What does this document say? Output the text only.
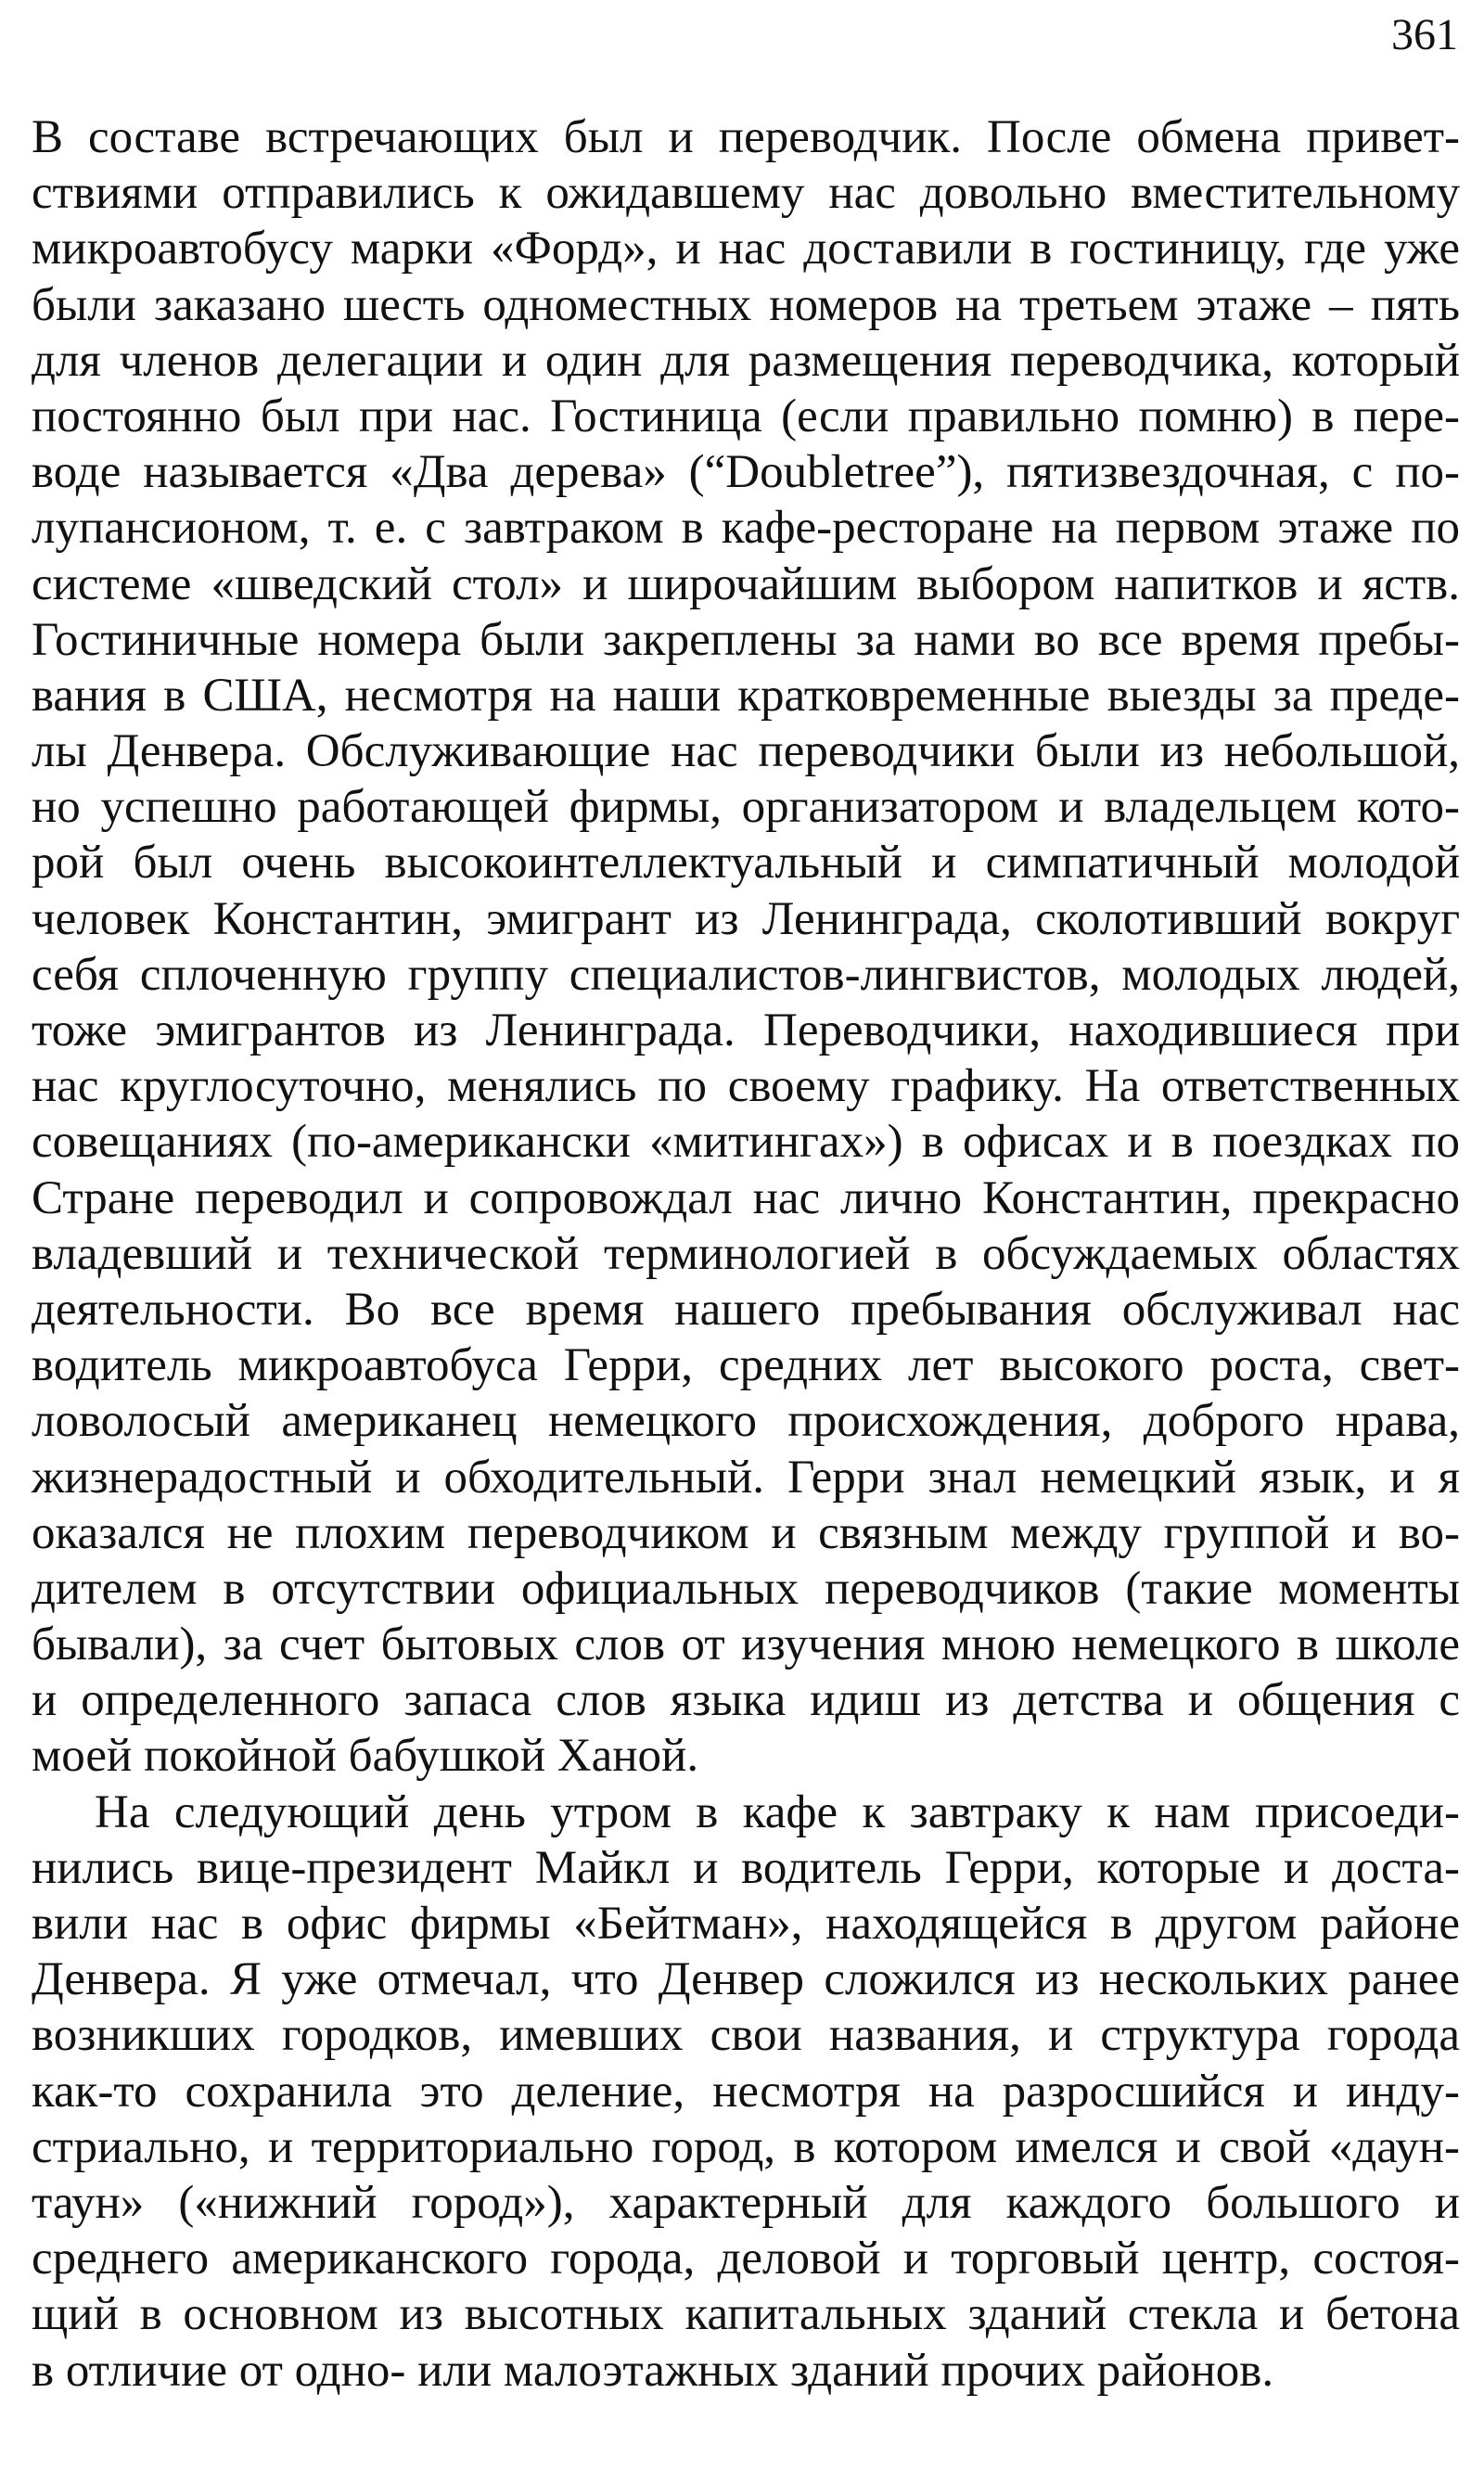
361
В составе встречающих был и переводчик. После обмена привет-
ствиями отправились к ожидавшему нас довольно вместительному
микроавтобусу марки «Форд», и нас доставили в гостиницу, где уже
были заказано шесть одноместных номеров на третьем этаже – пять
для членов делегации и один для размещения переводчика, который
постоянно был при нас. Гостиница (если правильно помню) в пере-
воде называется «Два дерева» (“Doubletree”), пятизвездочная, с по-
лупансионом, т. е. с завтраком в кафе-ресторане на первом этаже по
системе «шведский стол» и широчайшим выбором напитков и яств.
Гостиничные номера были закреплены за нами во все время пребы-
вания в США, несмотря на наши кратковременные выезды за преде-
лы Денвера. Обслуживающие нас переводчики были из небольшой,
но успешно работающей фирмы, организатором и владельцем кото-
рой был очень высокоинтеллектуальный и симпатичный молодой
человек Константин, эмигрант из Ленинграда, сколотивший вокруг
себя сплоченную группу специалистов-лингвистов, молодых людей,
тоже эмигрантов из Ленинграда. Переводчики, находившиеся при
нас круглосуточно, менялись по своему графику. На ответственных
совещаниях (по-американски «митингах») в офисах и в поездках по
Стране переводил и сопровождал нас лично Константин, прекрасно
владевший и технической терминологией в обсуждаемых областях
деятельности. Во все время нашего пребывания обслуживал нас
водитель микроавтобуса Герри, средних лет высокого роста, свет-
ловолосый американец немецкого происхождения, доброго нрава,
жизнерадостный и обходительный. Герри знал немецкий язык, и я
оказался не плохим переводчиком и связным между группой и во-
дителем в отсутствии официальных переводчиков (такие моменты
бывали), за счет бытовых слов от изучения мною немецкого в школе
и определенного запаса слов языка идиш из детства и общения с
моей покойной бабушкой Ханой.
На следующий день утром в кафе к завтраку к нам присоеди-
нились вице-президент Майкл и водитель Герри, которые и доста-
вили нас в офис фирмы «Бейтман», находящейся в другом районе
Денвера. Я уже отмечал, что Денвер сложился из нескольких ранее
возникших городков, имевших свои названия, и структура города
как-то сохранила это деление, несмотря на разросшийся и инду-
стриально, и территориально город, в котором имелся и свой «даун-
таун» («нижний город»), характерный для каждого большого и
среднего американского города, деловой и торговый центр, состоя-
щий в основном из высотных капитальных зданий стекла и бетона
в отличие от одно- или малоэтажных зданий прочих районов.
